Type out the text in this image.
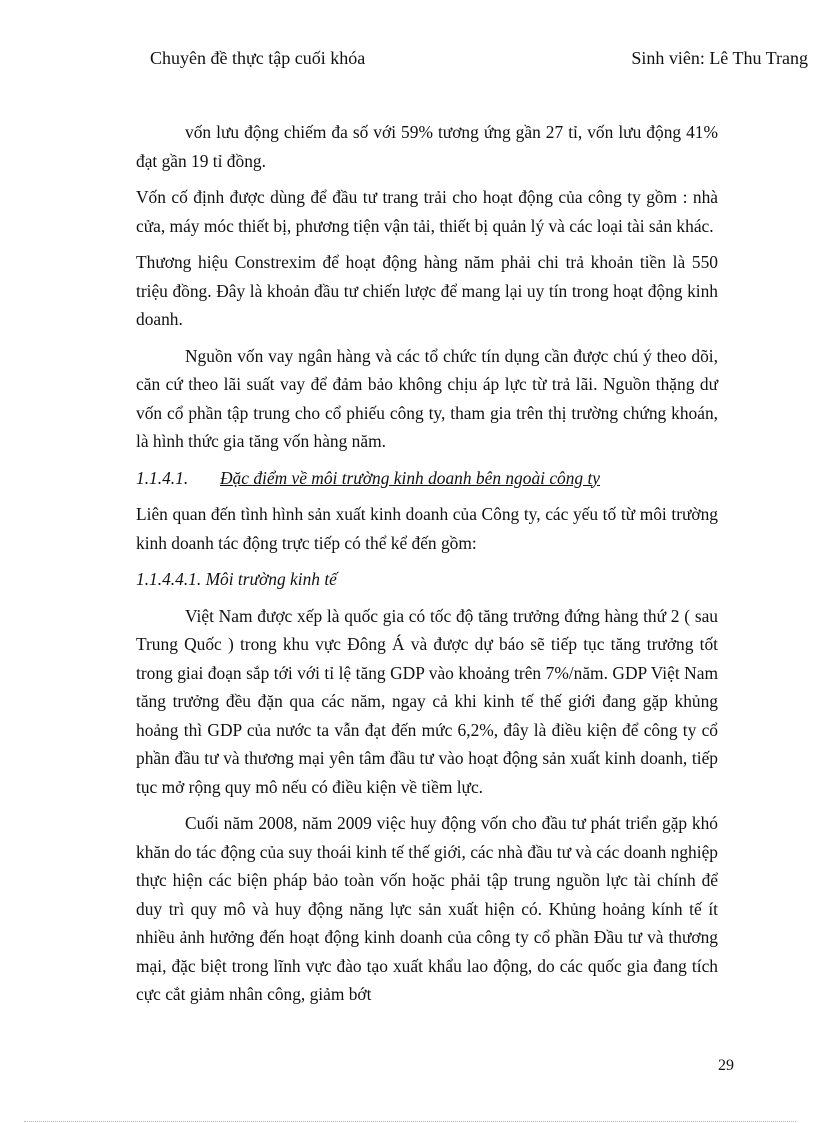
Chuyên đề thực tập cuối khóa	Sinh viên: Lê Thu Trang

vốn lưu động chiếm đa số với 59% tương ứng gần 27 tỉ, vốn lưu động 41% đạt gần 19 tỉ đồng.

Vốn cố định được dùng để đầu tư trang trải cho hoạt động của công ty gồm : nhà cửa, máy móc thiết bị, phương tiện vận tải, thiết bị quản lý và các loại tài sản khác.

Thương hiệu Constrexim để hoạt động hàng năm phải chi trả khoản tiền là 550 triệu đồng. Đây là khoản đầu tư chiến lược để mang lại uy tín trong hoạt động kinh doanh.

Nguồn vốn vay ngân hàng và các tổ chức tín dụng cần được chú ý theo dõi, căn cứ theo lãi suất vay để đảm bảo không chịu áp lực từ trả lãi. Nguồn thặng dư vốn cổ phần tập trung cho cổ phiếu công ty, tham gia trên thị trường chứng khoán, là hình thức gia tăng vốn hàng năm.

1.1.4.1. Đặc điểm về môi trường kinh doanh bên ngoài công ty

Liên quan đến tình hình sản xuất kinh doanh của Công ty, các yếu tố từ môi trường kinh doanh tác động trực tiếp có thể kể đến gồm:

1.1.4.4.1. Môi trường kinh tế

Việt Nam được xếp là quốc gia có tốc độ tăng trưởng đứng hàng thứ 2 ( sau Trung Quốc ) trong khu vực Đông Á và được dự báo sẽ tiếp tục tăng trưởng tốt trong giai đoạn sắp tới với tỉ lệ tăng GDP vào khoảng trên 7%/năm. GDP Việt Nam tăng trưởng đều đặn qua các năm, ngay cả khi kinh tế thế giới đang gặp khủng hoảng thì GDP của nước ta vẫn đạt đến mức 6,2%, đây là điều kiện để công ty cổ phần đầu tư và thương mại yên tâm đầu tư vào hoạt động sản xuất kinh doanh, tiếp tục mở rộng quy mô nếu có điều kiện về tiềm lực.

Cuối năm 2008, năm 2009 việc huy động vốn cho đầu tư phát triển gặp khó khăn do tác động của suy thoái kinh tế thế giới, các nhà đầu tư và các doanh nghiệp thực hiện các biện pháp bảo toàn vốn hoặc phải tập trung nguồn lực tài chính để duy trì quy mô và huy động năng lực sản xuất hiện có. Khủng hoảng kính tế ít nhiều ảnh hưởng đến hoạt động kinh doanh của công ty cổ phần Đầu tư và thương mại, đặc biệt trong lĩnh vực đào tạo xuất khẩu lao động, do các quốc gia đang tích cực cắt giảm nhân công, giảm bớt

29
